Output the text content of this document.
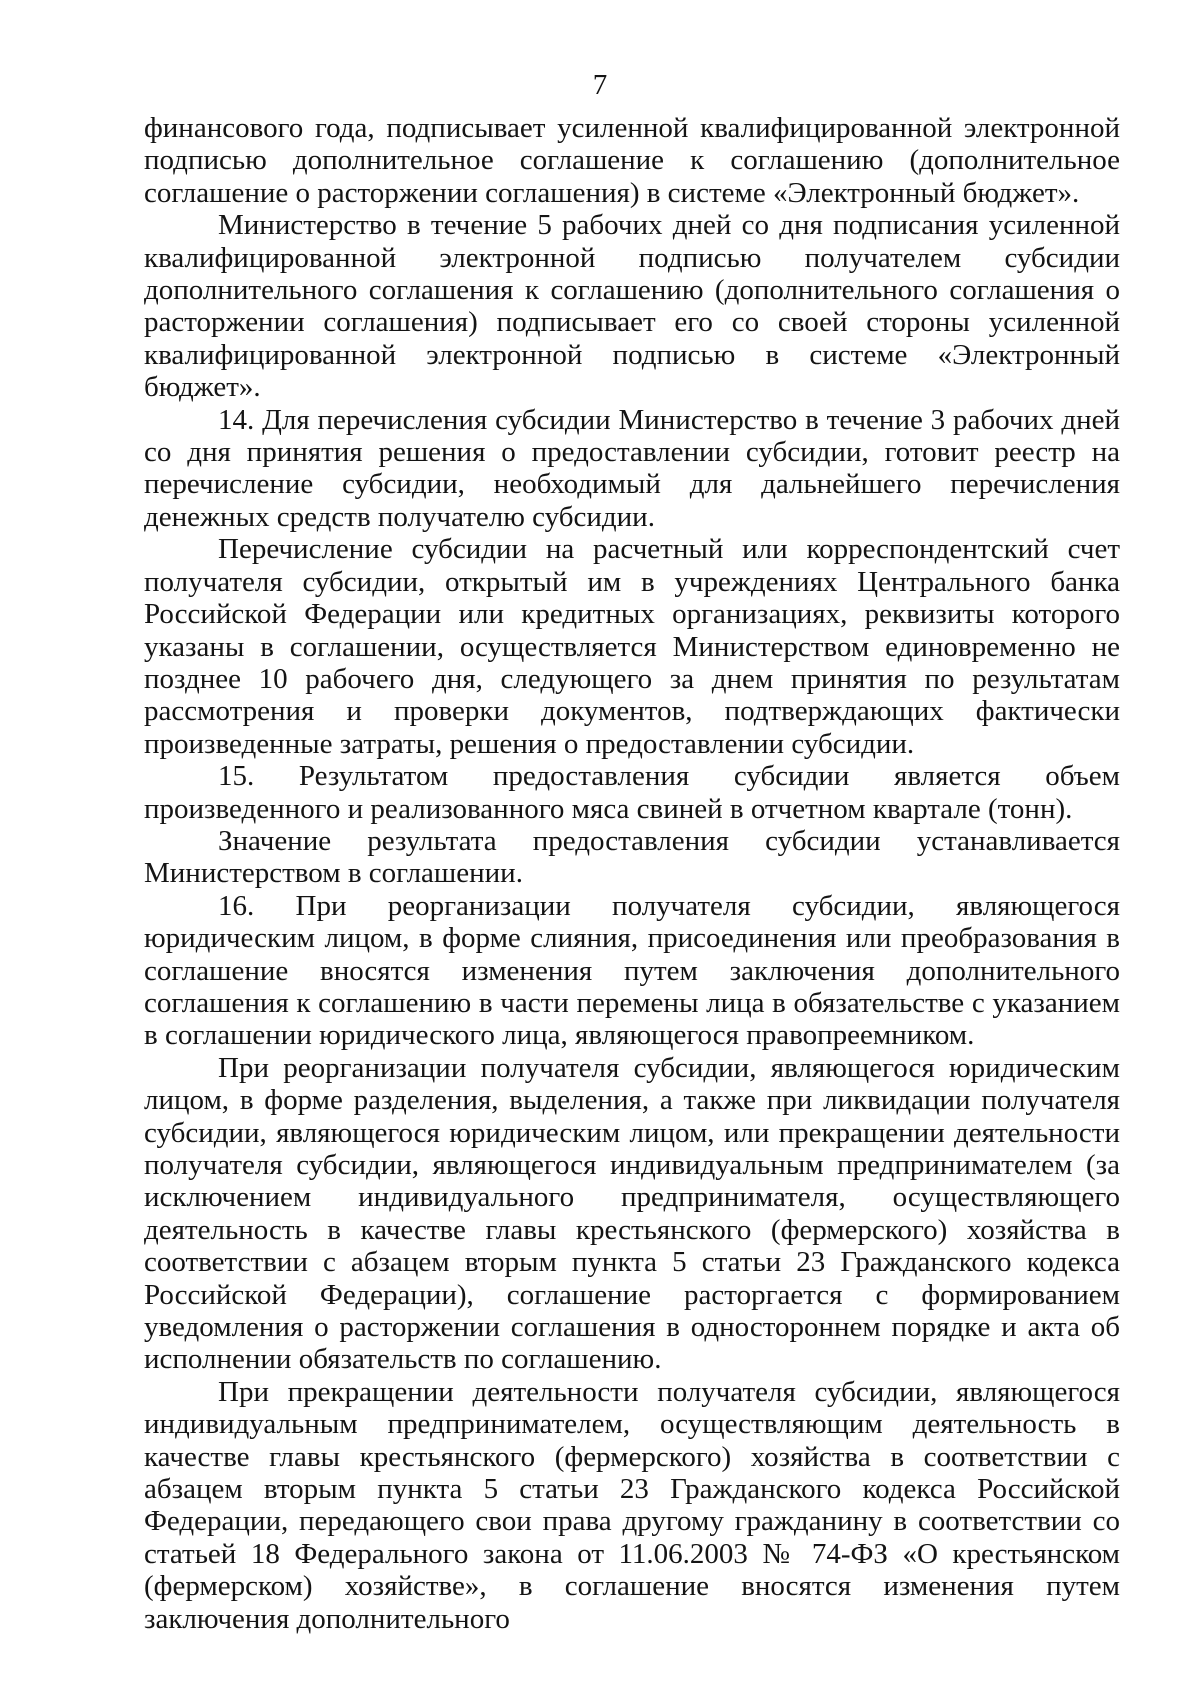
7

финансового года, подписывает усиленной квалифицированной электронной подписью дополнительное соглашение к соглашению (дополнительное соглашение о расторжении соглашения) в системе «Электронный бюджет».

Министерство в течение 5 рабочих дней со дня подписания усиленной квалифицированной электронной подписью получателем субсидии дополнительного соглашения к соглашению (дополнительного соглашения о расторжении соглашения) подписывает его со своей стороны усиленной квалифицированной электронной подписью в системе «Электронный бюджет».

14. Для перечисления субсидии Министерство в течение 3 рабочих дней со дня принятия решения о предоставлении субсидии, готовит реестр на перечисление субсидии, необходимый для дальнейшего перечисления денежных средств получателю субсидии.

Перечисление субсидии на расчетный или корреспондентский счет получателя субсидии, открытый им в учреждениях Центрального банка Российской Федерации или кредитных организациях, реквизиты которого указаны в соглашении, осуществляется Министерством единовременно не позднее 10 рабочего дня, следующего за днем принятия по результатам рассмотрения и проверки документов, подтверждающих фактически произведенные затраты, решения о предоставлении субсидии.

15. Результатом предоставления субсидии является объем произведенного и реализованного мяса свиней в отчетном квартале (тонн).

Значение результата предоставления субсидии устанавливается Министерством в соглашении.

16. При реорганизации получателя субсидии, являющегося юридическим лицом, в форме слияния, присоединения или преобразования в соглашение вносятся изменения путем заключения дополнительного соглашения к соглашению в части перемены лица в обязательстве с указанием в соглашении юридического лица, являющегося правопреемником.

При реорганизации получателя субсидии, являющегося юридическим лицом, в форме разделения, выделения, а также при ликвидации получателя субсидии, являющегося юридическим лицом, или прекращении деятельности получателя субсидии, являющегося индивидуальным предпринимателем (за исключением индивидуального предпринимателя, осуществляющего деятельность в качестве главы крестьянского (фермерского) хозяйства в соответствии с абзацем вторым пункта 5 статьи 23 Гражданского кодекса Российской Федерации), соглашение расторгается с формированием уведомления о расторжении соглашения в одностороннем порядке и акта об исполнении обязательств по соглашению.

При прекращении деятельности получателя субсидии, являющегося индивидуальным предпринимателем, осуществляющим деятельность в качестве главы крестьянского (фермерского) хозяйства в соответствии с абзацем вторым пункта 5 статьи 23 Гражданского кодекса Российской Федерации, передающего свои права другому гражданину в соответствии со статьей 18 Федерального закона от 11.06.2003 № 74-ФЗ «О крестьянском (фермерском) хозяйстве», в соглашение вносятся изменения путем заключения дополнительного
